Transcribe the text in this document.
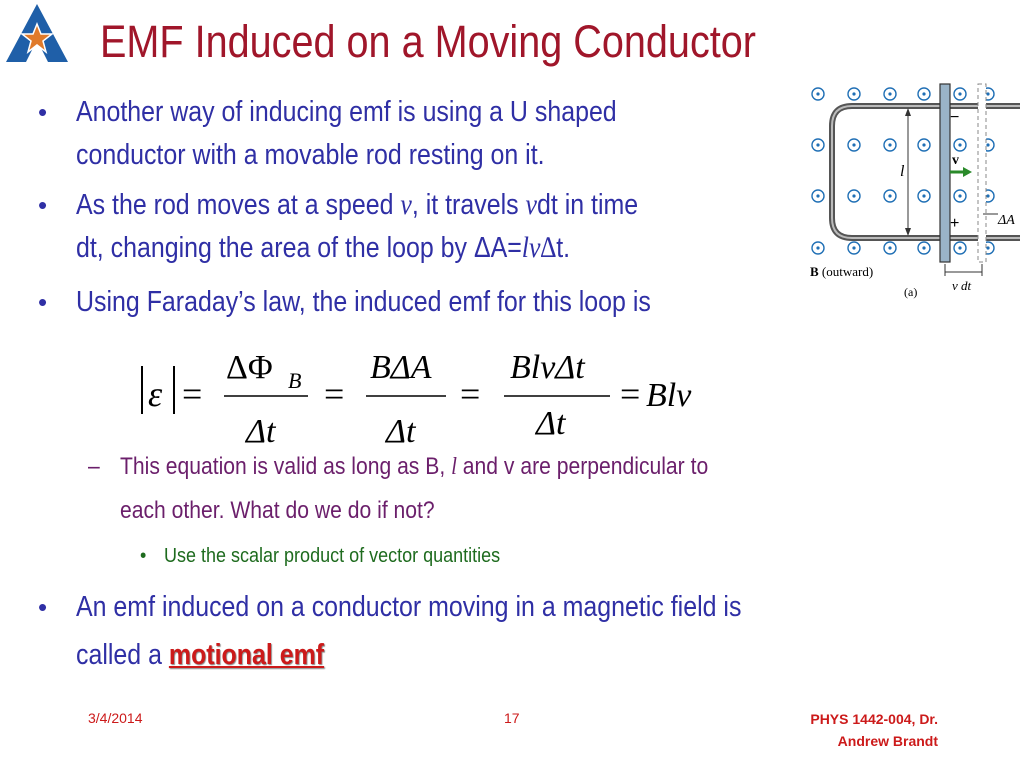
EMF Induced on a Moving Conductor
• Another way of inducing emf is using a U shaped
conductor with a movable rod resting on it.
• As the rod moves at a speed v, it travels vdt in time
dt, changing the area of the loop by ΔA=lv∆t.
• Using Faraday’s law, the induced emf for this loop is
l
v
−
+	ΔA
v dt
B (outward)
(a)
ε =
ΔΦ B
Δt
=
BΔA
Δt
=
BlvΔt
Δt
= Blv
– This equation is valid as long as B, l and v are perpendicular to
each other. What do we do if not?
• Use the scalar product of vector quantities
• An emf induced on a conductor moving in a magnetic field is
called a motional emf
3/4/2014	17	PHYS 1442-004, Dr.
Andrew Brandt
